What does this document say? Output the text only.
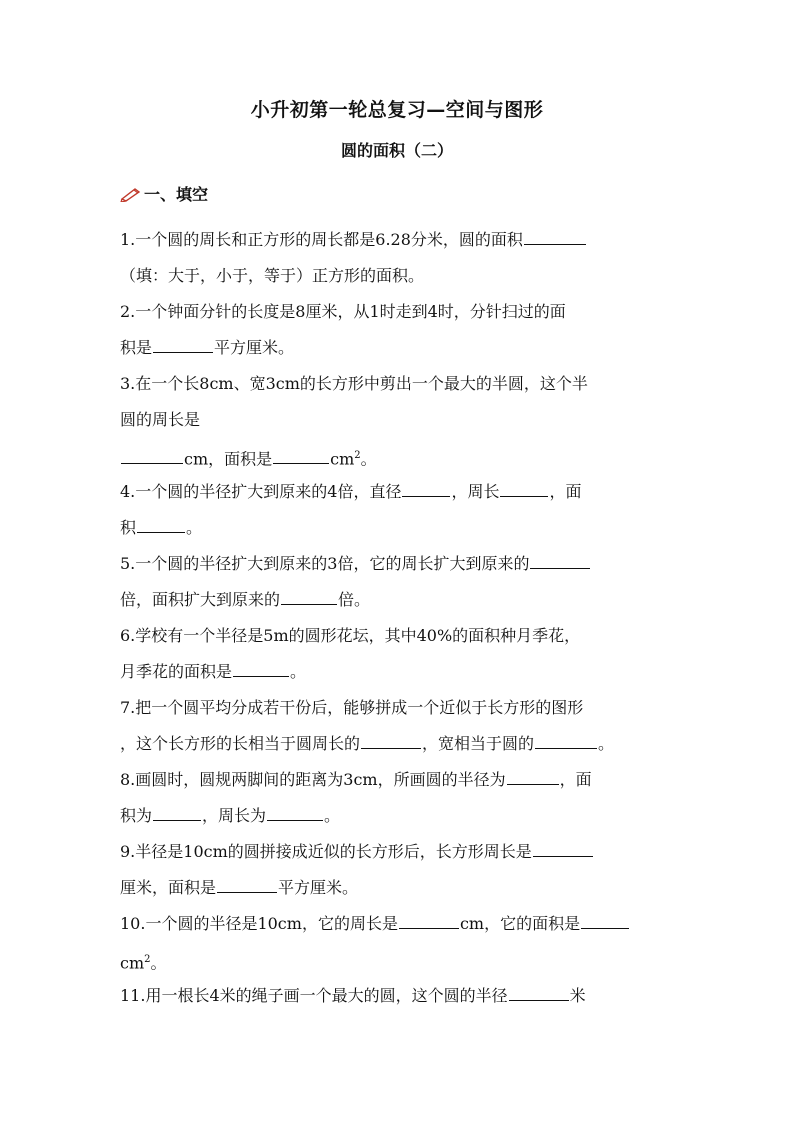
小升初第一轮总复习—空间与图形
圆的面积（二）
一、填空
1.一个圆的周长和正方形的周长都是6.28分米，圆的面积
（填：大于，小于，等于）正方形的面积。
2.一个钟面分针的长度是8厘米，从1时走到4时，分针扫过的面
积是	平方厘米。
3.在一个长8cm、宽3cm的长方形中剪出一个最大的半圆，这个半
圆的周长是
cm，面积是	$cm^2$。
4.一个圆的半径扩大到原来的4倍，直径	，周长	，面
积	。
5.一个圆的半径扩大到原来的3倍，它的周长扩大到原来的
倍，面积扩大到原来的	倍。
6.学校有一个半径是5m的圆形花坛，其中40%的面积种月季花，
月季花的面积是	。
7.把一个圆平均分成若干份后，能够拼成一个近似于长方形的图形
，这个长方形的长相当于圆周长的	，宽相当于圆的	。
8.画圆时，圆规两脚间的距离为3cm，所画圆的半径为	，面
积为	，周长为	。
9.半径是10cm的圆拼接成近似的长方形后，长方形周长是
厘米，面积是	平方厘米。
10.一个圆的半径是10cm，它的周长是	cm，它的面积是
$cm^2$。
11.用一根长4米的绳子画一个最大的圆，这个圆的半径	米
